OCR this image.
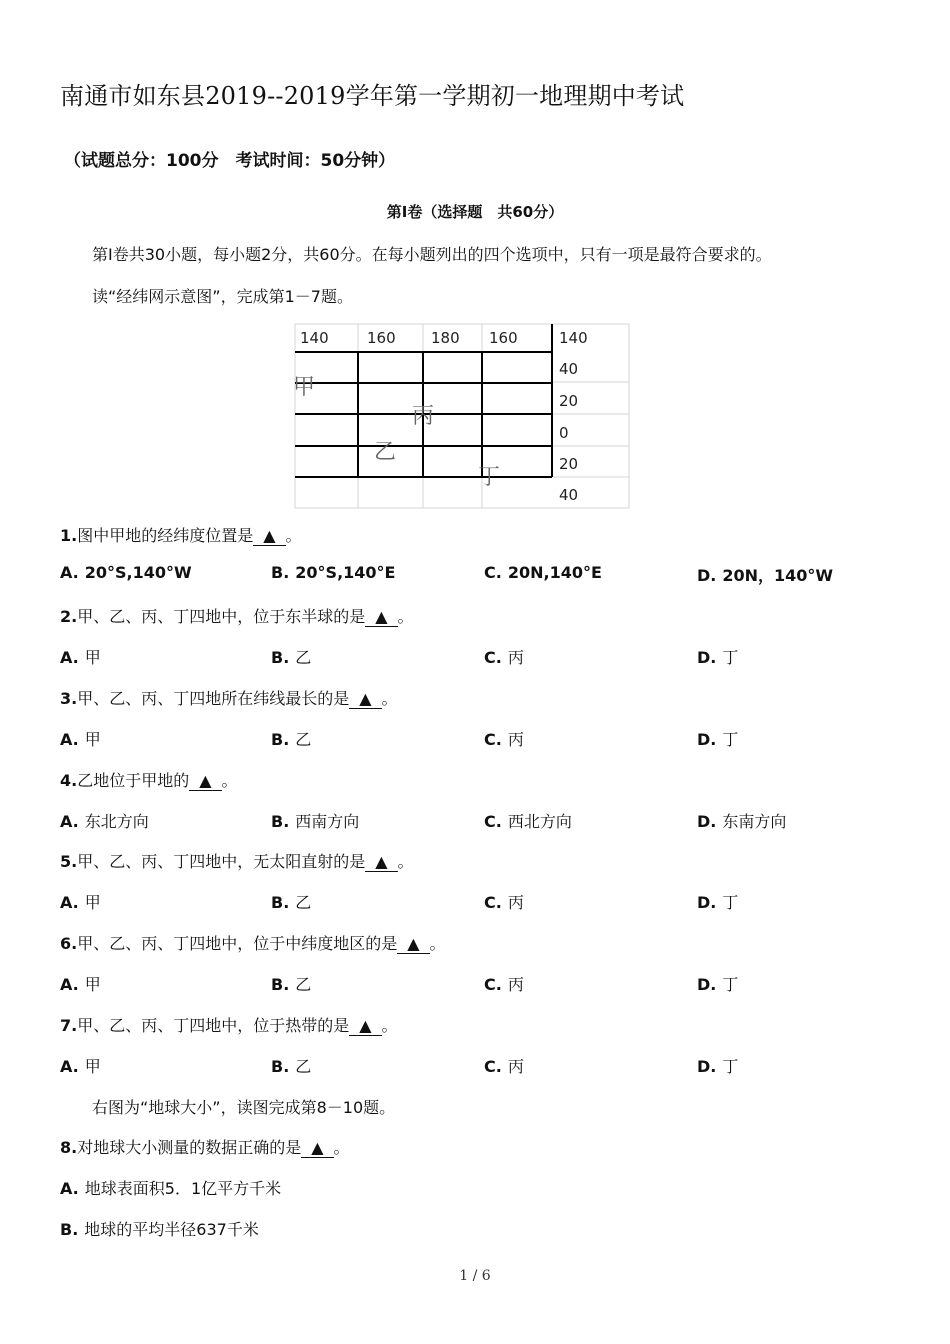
南通市如东县2019--2019学年第一学期初一地理期中考试
（试题总分：100分　考试时间：50分钟）
第Ⅰ卷（选择题　共60分）
第Ⅰ卷共30小题，每小题2分，共60分。在每小题列出的四个选项中，只有一项是最符合要求的。
读“经纬网示意图”，完成第1－7题。
140	160 180 160	140
40
20
0
20
40
甲
丙
乙
丁
1.图中甲地的经纬度位置是 ▲ 。
A. 20°S,140°W	B. 20°S,140°E	C. 20N,140°E	D. 20N，140°W
2.甲、乙、丙、丁四地中，位于东半球的是 ▲ 。
A. 甲	B. 乙	C. 丙	D. 丁
3.甲、乙、丙、丁四地所在纬线最长的是 ▲ 。
A. 甲	B. 乙	C. 丙	D. 丁
4.乙地位于甲地的 ▲ 。
A. 东北方向	B. 西南方向	C. 西北方向	D. 东南方向
5.甲、乙、丙、丁四地中，无太阳直射的是 ▲ 。
A. 甲	B. 乙	C. 丙	D. 丁
6.甲、乙、丙、丁四地中，位于中纬度地区的是 ▲ 。
A. 甲	B. 乙	C. 丙	D. 丁
7.甲、乙、丙、丁四地中，位于热带的是 ▲ 。
A. 甲	B. 乙	C. 丙	D. 丁
右图为“地球大小”，读图完成第8－10题。
8.对地球大小测量的数据正确的是 ▲ 。
A. 地球表面积5．1亿平方千米
B. 地球的平均半径637千米
1 / 6
